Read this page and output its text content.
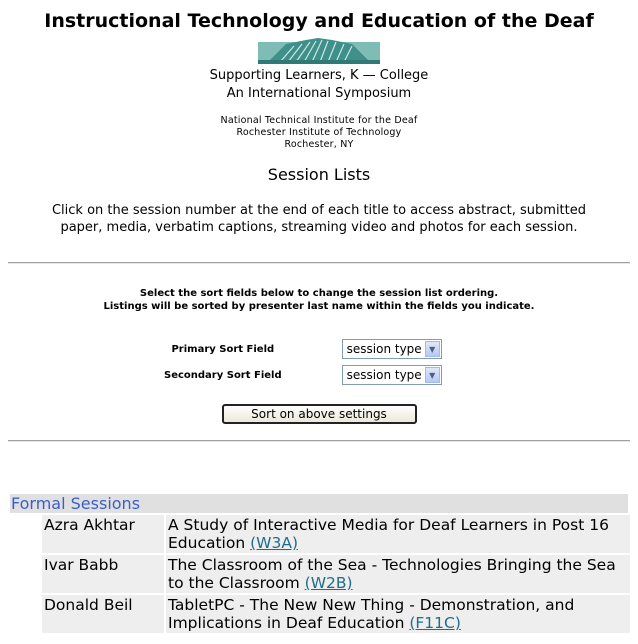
Instructional Technology and Education of the Deaf
Supporting Learners, K — College
An International Symposium
National Technical Institute for the Deaf
Rochester Institute of Technology
Rochester, NY
Session Lists
Click on the session number at the end of each title to access abstract, submitted paper, media, verbatim captions, streaming video and photos for each session.
Select the sort fields below to change the session list ordering.
Listings will be sorted by presenter last name within the fields you indicate.
Primary Sort Field	session type ▼

Secondary Sort Field	session type ▼
Sort on above settings
Formal Sessions
Azra Akhtar	A Study of Interactive Media for Deaf Learners in Post 16 Education (W3A)
Ivar Babb	The Classroom of the Sea - Technologies Bringing the Sea to the Classroom (W2B)
Donald Beil	TabletPC - The New New Thing - Demonstration, and Implications in Deaf Education (F11C)
